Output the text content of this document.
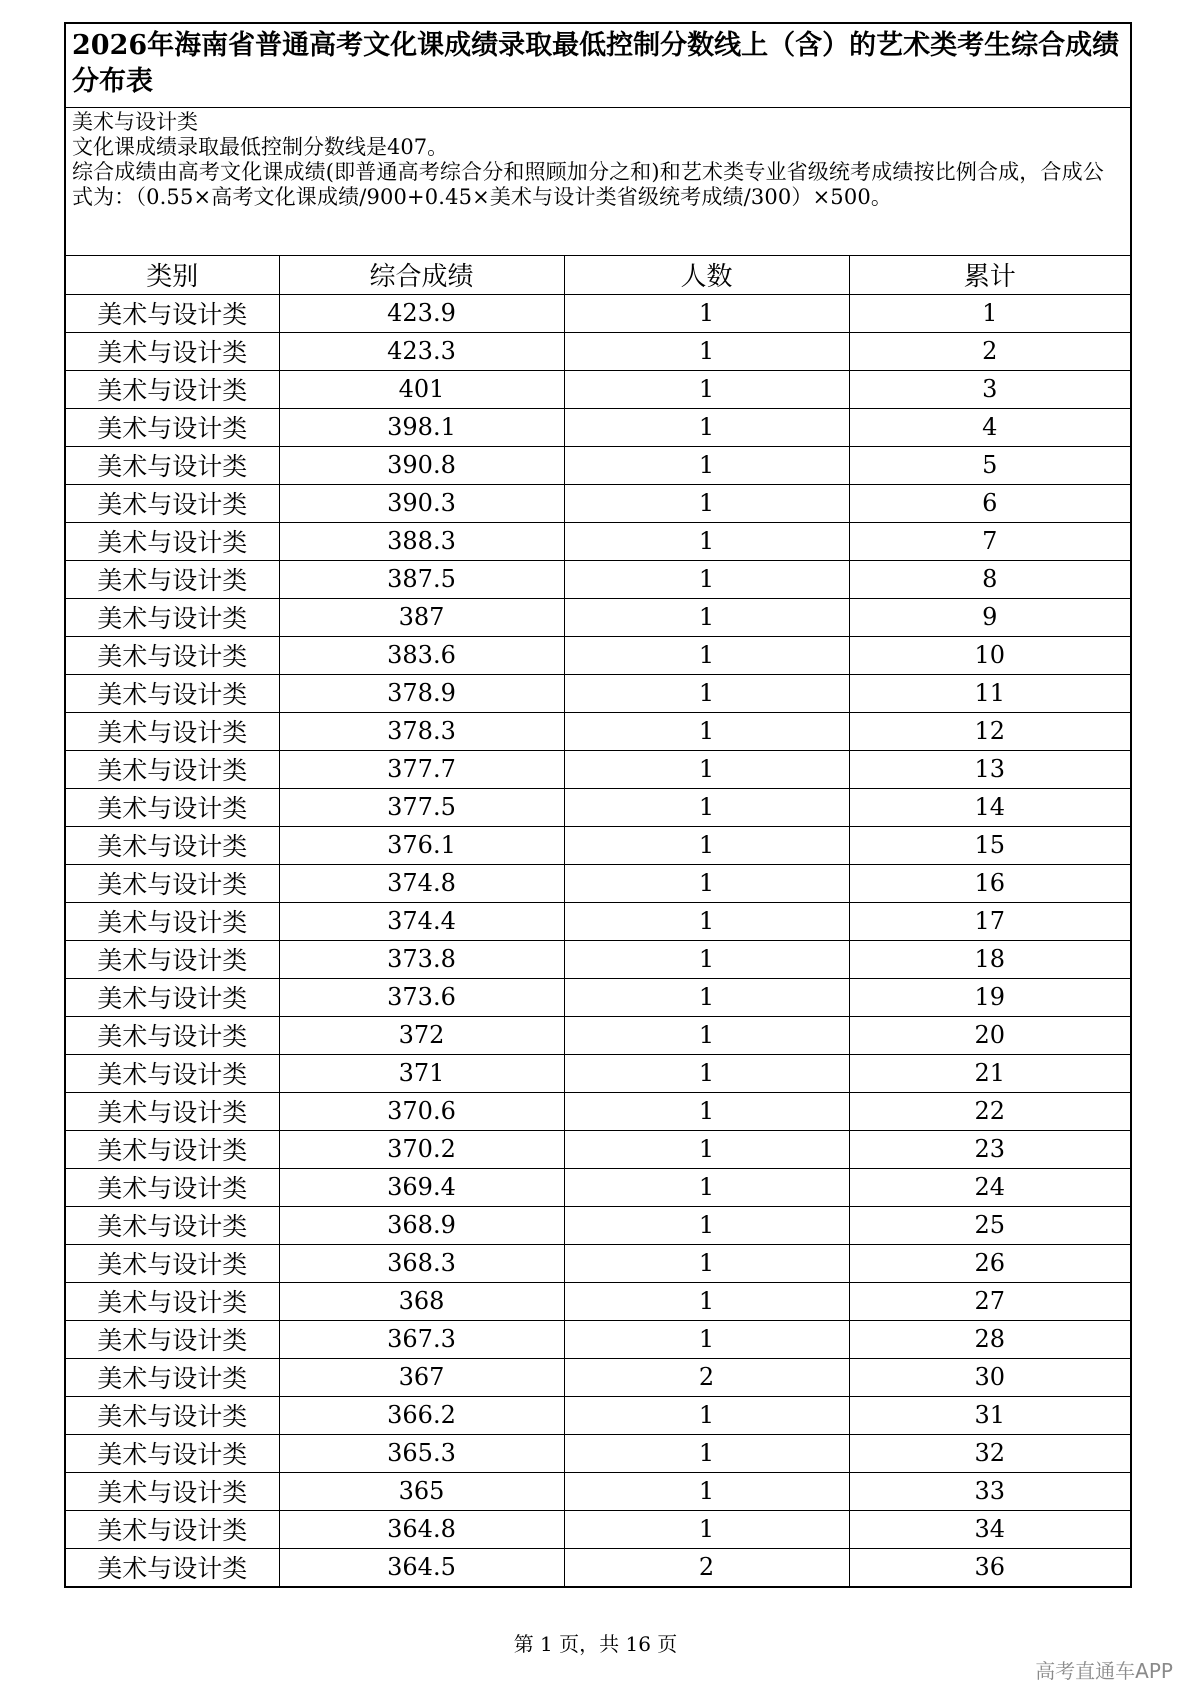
2026年海南省普通高考文化课成绩录取最低控制分数线上（含）的艺术类考生综合成绩分布表
美术与设计类
文化课成绩录取最低控制分数线是407。
综合成绩由高考文化课成绩(即普通高考综合分和照顾加分之和)和艺术类专业省级统考成绩按比例合成，合成公式为：（0.55×高考文化课成绩/900+0.45×美术与设计类省级统考成绩/300）×500。
类别	综合成绩	人数	累计
美术与设计类	423.9	1	1
美术与设计类	423.3	1	2
美术与设计类	401	1	3
美术与设计类	398.1	1	4
美术与设计类	390.8	1	5
美术与设计类	390.3	1	6
美术与设计类	388.3	1	7
美术与设计类	387.5	1	8
美术与设计类	387	1	9
美术与设计类	383.6	1	10
美术与设计类	378.9	1	11
美术与设计类	378.3	1	12
美术与设计类	377.7	1	13
美术与设计类	377.5	1	14
美术与设计类	376.1	1	15
美术与设计类	374.8	1	16
美术与设计类	374.4	1	17
美术与设计类	373.8	1	18
美术与设计类	373.6	1	19
美术与设计类	372	1	20
美术与设计类	371	1	21
美术与设计类	370.6	1	22
美术与设计类	370.2	1	23
美术与设计类	369.4	1	24
美术与设计类	368.9	1	25
美术与设计类	368.3	1	26
美术与设计类	368	1	27
美术与设计类	367.3	1	28
美术与设计类	367	2	30
美术与设计类	366.2	1	31
美术与设计类	365.3	1	32
美术与设计类	365	1	33
美术与设计类	364.8	1	34
美术与设计类	364.5	2	36
第 1 页，共 16 页
高考直通车APP
